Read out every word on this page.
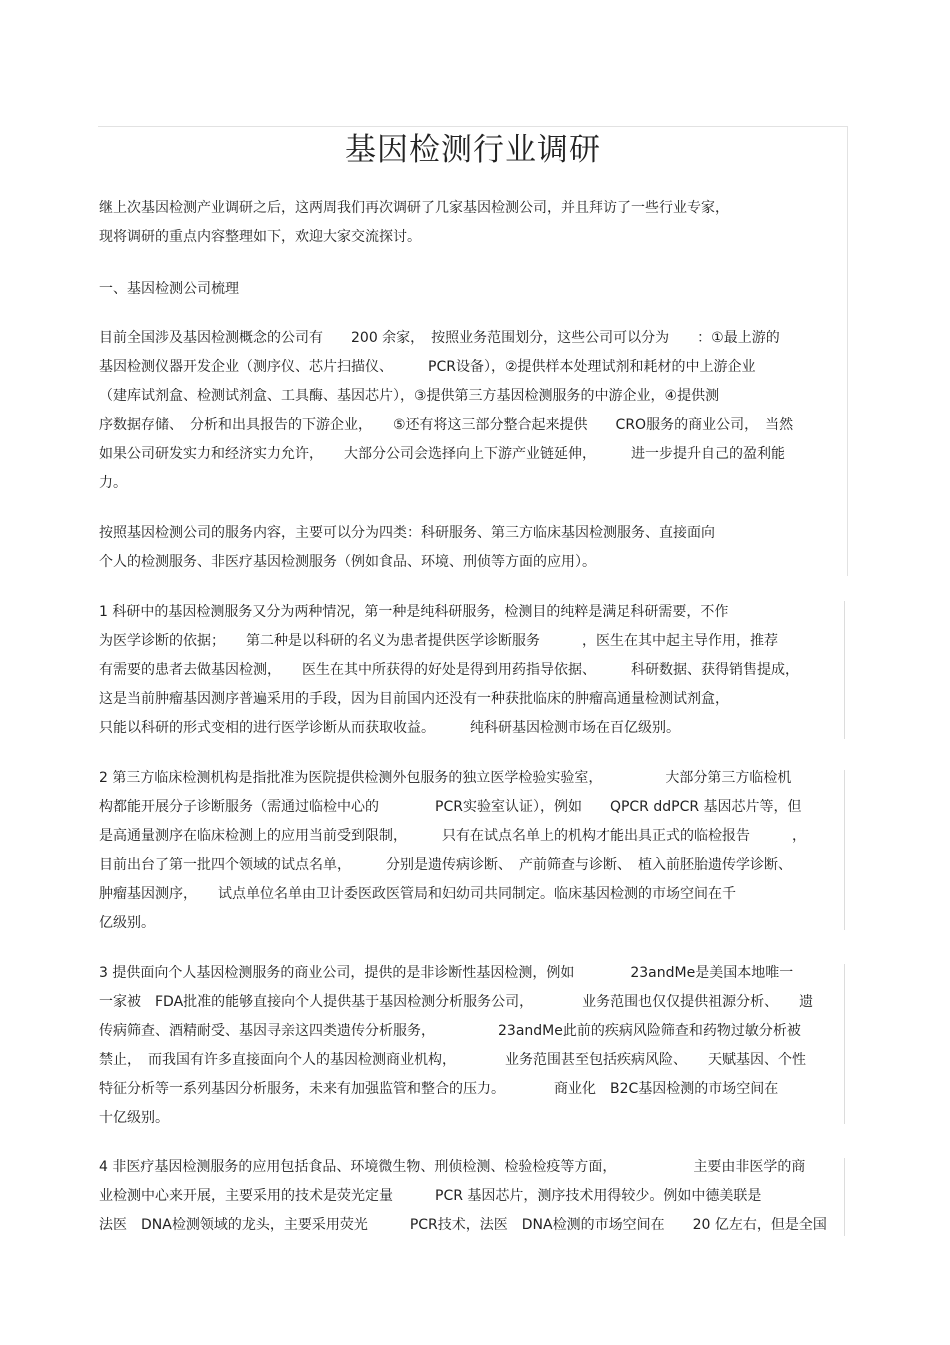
基因检测行业调研
继上次基因检测产业调研之后，这两周我们再次调研了几家基因检测公司，并且拜访了一些行业专家，
现将调研的重点内容整理如下，欢迎大家交流探讨。
一、基因检测公司梳理
目前全国涉及基因检测概念的公司有　　200 余家，　按照业务范围划分，这些公司可以分为　　：①最上游的
基因检测仪器开发企业（测序仪、芯片扫描仪、　　　PCR设备），②提供样本处理试剂和耗材的中上游企业
（建库试剂盒、检测试剂盒、工具酶、基因芯片），③提供第三方基因检测服务的中游企业，④提供测
序数据存储、　分析和出具报告的下游企业，　　⑤还有将这三部分整合起来提供　　CRO服务的商业公司，　当然
如果公司研发实力和经济实力允许，　　大部分公司会选择向上下游产业链延伸，　　　进一步提升自己的盈利能
力。
按照基因检测公司的服务内容，主要可以分为四类：科研服务、第三方临床基因检测服务、直接面向
个人的检测服务、非医疗基因检测服务（例如食品、环境、刑侦等方面的应用）。
1 科研中的基因检测服务又分为两种情况，第一种是纯科研服务，检测目的纯粹是满足科研需要，不作
为医学诊断的依据；　　第二种是以科研的名义为患者提供医学诊断服务　　　，医生在其中起主导作用，推荐
有需要的患者去做基因检测，　　医生在其中所获得的好处是得到用药指导依据、　　　科研数据、获得销售提成，
这是当前肿瘤基因测序普遍采用的手段，因为目前国内还没有一种获批临床的肿瘤高通量检测试剂盒，
只能以科研的形式变相的进行医学诊断从而获取收益。　　　纯科研基因检测市场在百亿级别。
2 第三方临床检测机构是指批准为医院提供检测外包服务的独立医学检验实验室，　　　　　大部分第三方临检机
构都能开展分子诊断服务（需通过临检中心的　　　　PCR实验室认证），例如　　QPCR ddPCR 基因芯片等，但
是高通量测序在临床检测上的应用当前受到限制，　　　只有在试点名单上的机构才能出具正式的临检报告　　　，
目前出台了第一批四个领域的试点名单，　　　分别是遗传病诊断、　产前筛查与诊断、　植入前胚胎遗传学诊断、
肿瘤基因测序，　　试点单位名单由卫计委医政医管局和妇幼司共同制定。临床基因检测的市场空间在千
亿级别。
3 提供面向个人基因检测服务的商业公司，提供的是非诊断性基因检测，例如　　　　23andMe是美国本地唯一
一家被　FDA批准的能够直接向个人提供基于基因检测分析服务公司，　　　　业务范围也仅仅提供祖源分析、　　遗
传病筛查、酒精耐受、基因寻亲这四类遗传分析服务，　　　　　23andMe此前的疾病风险筛查和药物过敏分析被
禁止，　而我国有许多直接面向个人的基因检测商业机构，　　　　业务范围甚至包括疾病风险、　　天赋基因、个性
特征分析等一系列基因分析服务，未来有加强监管和整合的压力。　　　　商业化　B2C基因检测的市场空间在
十亿级别。
4 非医疗基因检测服务的应用包括食品、环境微生物、刑侦检测、检验检疫等方面，　　　　　　主要由非医学的商
业检测中心来开展，主要采用的技术是荧光定量　　　PCR 基因芯片，测序技术用得较少。例如中德美联是
法医　DNA检测领域的龙头，主要采用荧光　　　PCR技术，法医　DNA检测的市场空间在　　20 亿左右，但是全国
